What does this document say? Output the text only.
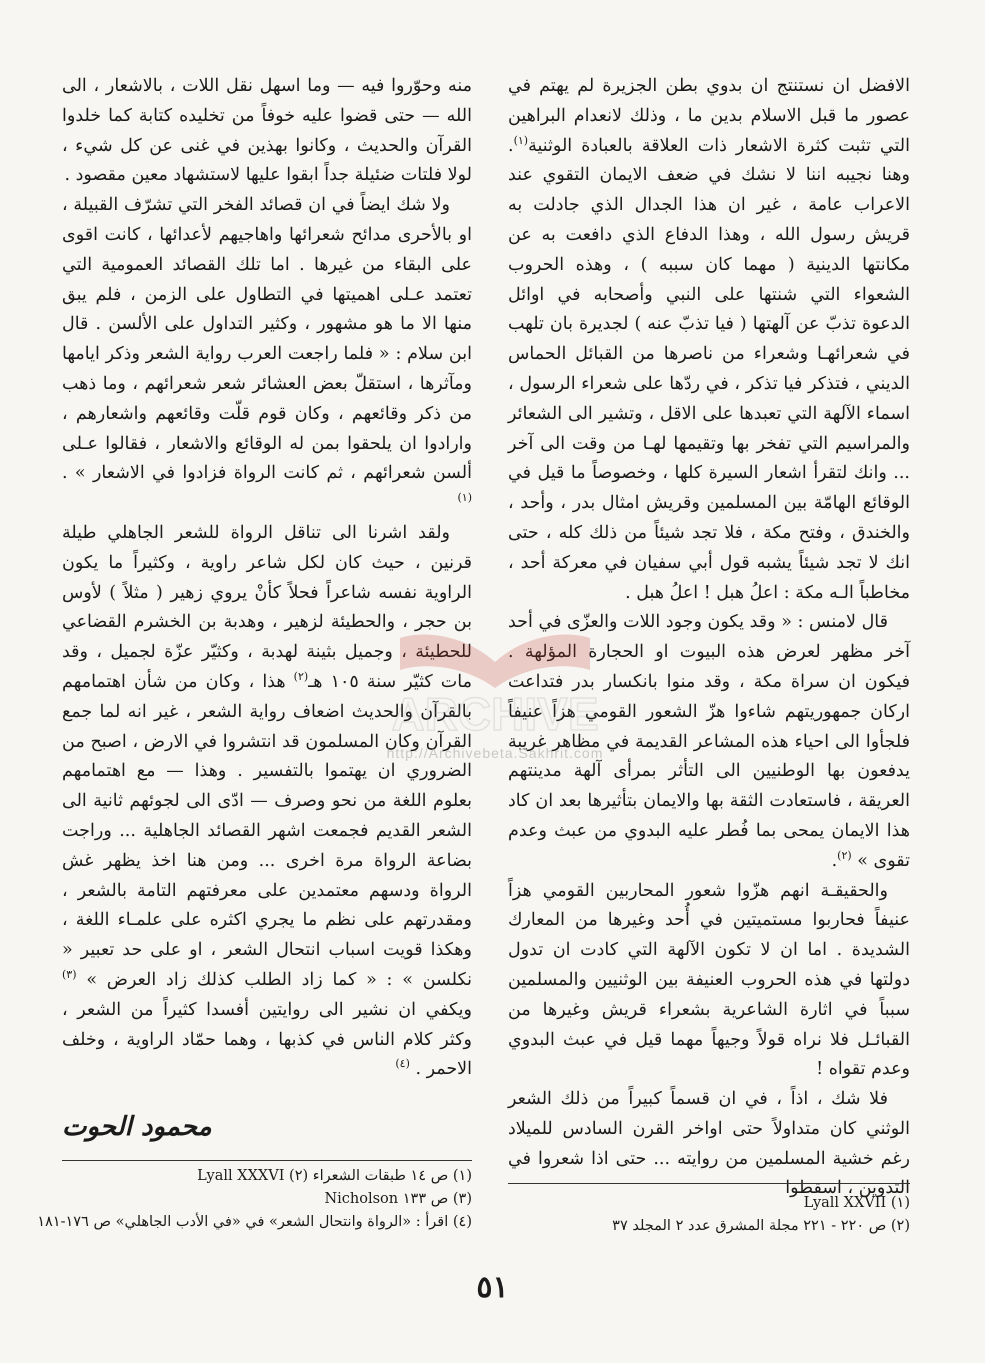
الافضل ان نستنتج ان بدوي بطن الجزيرة لم يهتم في عصور ما قبل الاسلام بدين ما ، وذلك لانعدام البراهين التي تثبت كثرة الاشعار ذات العلاقة بالعبادة الوثنية$^{(١)}$. وهنا نجيبه اننا لا نشك في ضعف الايمان التقوي عند الاعراب عامة ، غير ان هذا الجدال الذي جادلت به قريش رسول الله ، وهذا الدفاع الذي دافعت به عن مكانتها الدينية ( مهما كان سببه ) ، وهذه الحروب الشعواء التي شنتها على النبي وأصحابه في اوائل الدعوة تذبّ عن آلهتها ( فيا تذبّ عنه ) لجديرة بان تلهب في شعرائهـا وشعراء من ناصرها من القبائل الحماس الديني ، فتذكر فيا تذكر ، في ردّها على شعراء الرسول ، اسماء الآلهة التي تعبدها على الاقل ، وتشير الى الشعائر والمراسيم التي تفخر بها وتقيمها لهـا من وقت الى آخر ... وانك لتقرأ اشعار السيرة كلها ، وخصوصاً ما قيل في الوقائع الهامّة بين المسلمين وقريش امثال بدر ، وأحد ، والخندق ، وفتح مكة ، فلا تجد شيئاً من ذلك كله ، حتى انك لا تجد شيئاً يشبه قول أبي سفيان في معركة أحد ، مخاطباً الـه مكة : اعلُ هبل ! اعلُ هبل .

قال لامنس : « وقد يكون وجود اللات والعزّى في أحد آخر مظهر لعرض هذه البيوت او الحجارة المؤلهة . فيكون ان سراة مكة ، وقد منوا بانكسار بدر فتداعت اركان جمهوريتهم شاءوا هزّ الشعور القومي هزاً عنيفاً فلجأوا الى احياء هذه المشاعر القديمة في مظاهر غريبة يدفعون بها الوطنيين الى التأثر بمرأى آلهة مدينتهم العريقة ، فاستعادت الثقة بها والايمان بتأثيرها بعد ان كاد هذا الايمان يمحى بما فُطر عليه البدوي من عبث وعدم تقوى » $^{(٢)}$.

والحقيقـة انهم هزّوا شعور المحاربين القومي هزاً عنيفاً فحاربوا مستميتين في أُحد وغيرها من المعارك الشديدة . اما ان لا تكون الآلهة التي كادت ان تدول دولتها في هذه الحروب العنيفة بين الوثنيين والمسلمين سبباً في اثارة الشاعرية بشعراء قريش وغيرها من القبائـل فلا نراه قولاً وجيهاً مهما قيل في عبث البدوي وعدم تقواه !

فلا شك ، اذاً ، في ان قسماً كبيراً من ذلك الشعر الوثني كان متداولاً حتى اواخر القرن السادس للميلاد رغم خشية المسلمين من روايته ... حتى اذا شعروا في التدوين ، اسقطوا

منه وحوّروا فيه — وما اسهل نقل اللات ، بالاشعار ، الى الله — حتى قضوا عليه خوفاً من تخليده كتابة كما خلدوا القرآن والحديث ، وكانوا بهذين في غنى عن كل شيء ، لولا فلتات ضئيلة جداً ابقوا عليها لاستشهاد معين مقصود .

ولا شك ايضاً في ان قصائد الفخر التي تشرّف القبيلة ، او بالأحرى مدائح شعرائها واهاجيهم لأعدائها ، كانت اقوى على البقاء من غيرها . اما تلك القصائد العمومية التي تعتمد عـلى اهميتها في التطاول على الزمن ، فلم يبق منها الا ما هو مشهور ، وكثير التداول على الألسن . قال ابن سلام : « فلما راجعت العرب رواية الشعر وذكر ايامها ومآثرها ، استقلّ بعض العشائر شعر شعرائهم ، وما ذهب من ذكر وقائعهم ، وكان قوم قلّت وقائعهم واشعارهم ، وارادوا ان يلحقوا بمن له الوقائع والاشعار ، فقالوا عـلى ألسن شعرائهم ، ثم كانت الرواة فزادوا في الاشعار » . $^{(١)}$

ولقد اشرنا الى تناقل الرواة للشعر الجاهلي طيلة قرنين ، حيث كان لكل شاعر راوية ، وكثيراً ما يكون الراوية نفسه شاعراً فحلاً كأنْ يروي زهير ( مثلاً ) لأوس بن حجر ، والحطيئة لزهير ، وهدبة بن الخشرم القضاعي للحطيئة ، وجميل بثينة لهدبة ، وكثيّر عزّة لجميل ، وقد مات كثيّر سنة ١٠٥ هـ$^{(٢)}$ هذا ، وكان من شأن اهتمامهم بالقرآن والحديث اضعاف رواية الشعر ، غير انه لما جمع القرآن وكان المسلمون قد انتشروا في الارض ، اصبح من الضروري ان يهتموا بالتفسير . وهذا — مع اهتمامهم بعلوم اللغة من نحو وصرف — ادّى الى لجوئهم ثانية الى الشعر القديم فجمعت اشهر القصائد الجاهلية ... وراجت بضاعة الرواة مرة اخرى ... ومن هنا اخذ يظهر غش الرواة ودسهم معتمدين على معرفتهم التامة بالشعر ، ومقدرتهم على نظم ما يجري اكثره على علمـاء اللغة ، وهكذا قويت اسباب انتحال الشعر ، او على حد تعبير « نكلسن » : « كما زاد الطلب كذلك زاد العرض » $^{(٣)}$ ويكفي ان نشير الى روايتين أفسدا كثيراً من الشعر ، وكثر كلام الناس في كذبها ، وهما حمّاد الراوية ، وخلف الاحمر . $^{(٤)}$

محمود الحوت
(١) ص ١٤ طبقات الشعراء (٢) Lyall XXXVI
(٣) ص ١٣٣ Nicholson
(٤) اقرأ : «الرواة وانتحال الشعر» في «في الأدب الجاهلي» ص ١٧٦-١٨١
(١) Lyall XXVII
(٢) ص ٢٢٠ - ٢٢١ مجلة المشرق عدد ٢ المجلد ٣٧
٥١
ARCHIVE
http://Archivebeta.Sakhrit.com
